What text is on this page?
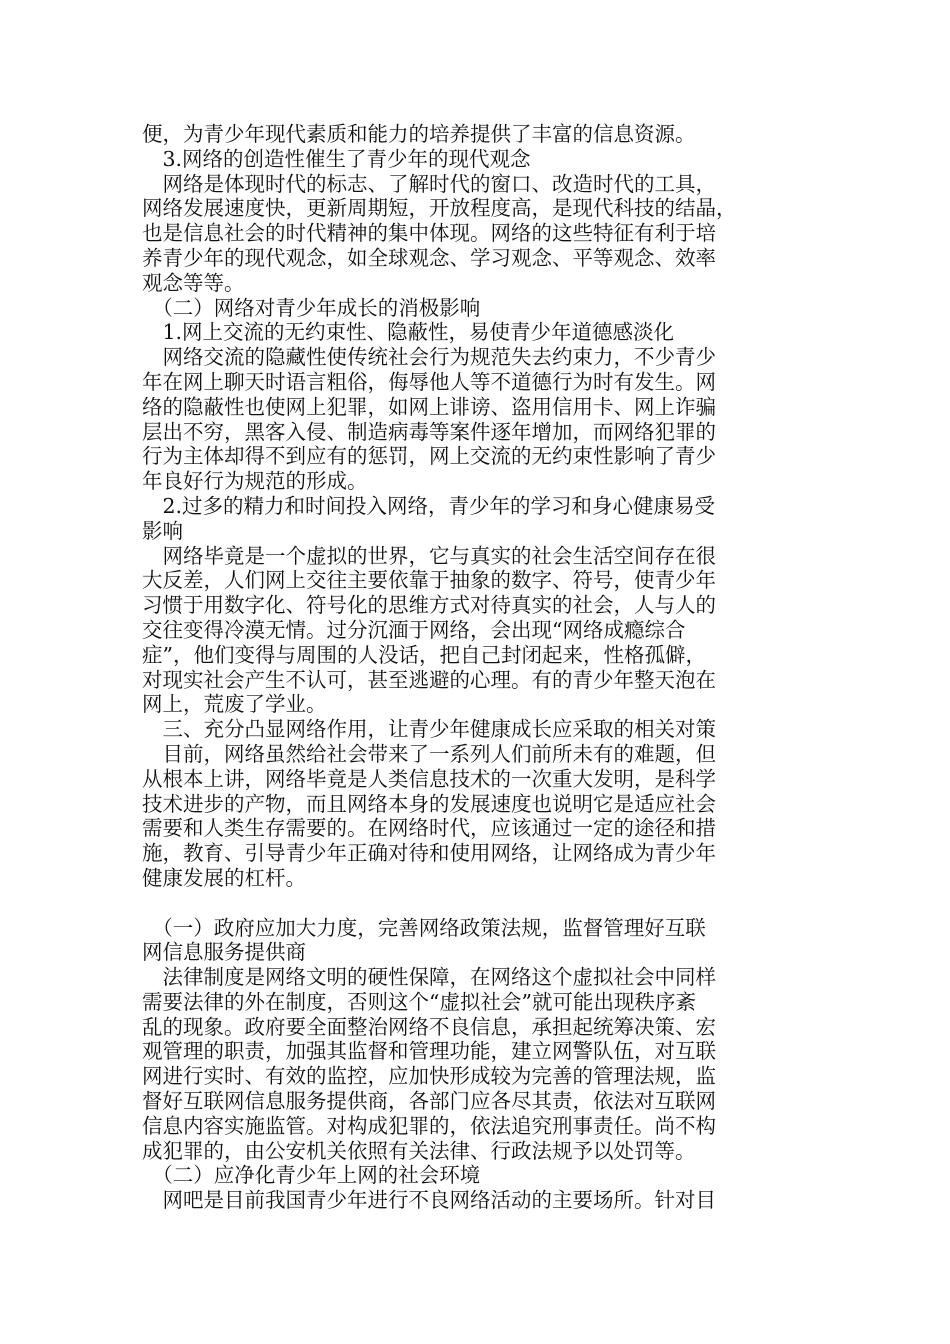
便，为青少年现代素质和能力的培养提供了丰富的信息资源。
　3.网络的创造性催生了青少年的现代观念
　网络是体现时代的标志、了解时代的窗口、改造时代的工具，
网络发展速度快，更新周期短，开放程度高，是现代科技的结晶，
也是信息社会的时代精神的集中体现。网络的这些特征有利于培
养青少年的现代观念，如全球观念、学习观念、平等观念、效率
观念等等。
　（二）网络对青少年成长的消极影响
　1.网上交流的无约束性、隐蔽性，易使青少年道德感淡化
　网络交流的隐藏性使传统社会行为规范失去约束力，不少青少
年在网上聊天时语言粗俗，侮辱他人等不道德行为时有发生。网
络的隐蔽性也使网上犯罪，如网上诽谤、盗用信用卡、网上诈骗
层出不穷，黑客入侵、制造病毒等案件逐年增加，而网络犯罪的
行为主体却得不到应有的惩罚，网上交流的无约束性影响了青少
年良好行为规范的形成。
　2.过多的精力和时间投入网络，青少年的学习和身心健康易受
影响
　网络毕竟是一个虚拟的世界，它与真实的社会生活空间存在很
大反差，人们网上交往主要依靠于抽象的数字、符号，使青少年
习惯于用数字化、符号化的思维方式对待真实的社会，人与人的
交往变得冷漠无情。过分沉湎于网络，会出现“网络成瘾综合
症”，他们变得与周围的人没话，把自己封闭起来，性格孤僻，
对现实社会产生不认可，甚至逃避的心理。有的青少年整天泡在
网上，荒废了学业。
　三、充分凸显网络作用，让青少年健康成长应采取的相关对策
　目前，网络虽然给社会带来了一系列人们前所未有的难题，但
从根本上讲，网络毕竟是人类信息技术的一次重大发明，是科学
技术进步的产物，而且网络本身的发展速度也说明它是适应社会
需要和人类生存需要的。在网络时代，应该通过一定的途径和措
施，教育、引导青少年正确对待和使用网络，让网络成为青少年
健康发展的杠杆。
　（一）政府应加大力度，完善网络政策法规，监督管理好互联
网信息服务提供商
　法律制度是网络文明的硬性保障，在网络这个虚拟社会中同样
需要法律的外在制度，否则这个“虚拟社会”就可能出现秩序紊
乱的现象。政府要全面整治网络不良信息，承担起统筹决策、宏
观管理的职责，加强其监督和管理功能，建立网警队伍，对互联
网进行实时、有效的监控，应加快形成较为完善的管理法规，监
督好互联网信息服务提供商，各部门应各尽其责，依法对互联网
信息内容实施监管。对构成犯罪的，依法追究刑事责任。尚不构
成犯罪的，由公安机关依照有关法律、行政法规予以处罚等。
　（二）应净化青少年上网的社会环境
　网吧是目前我国青少年进行不良网络活动的主要场所。针对目
